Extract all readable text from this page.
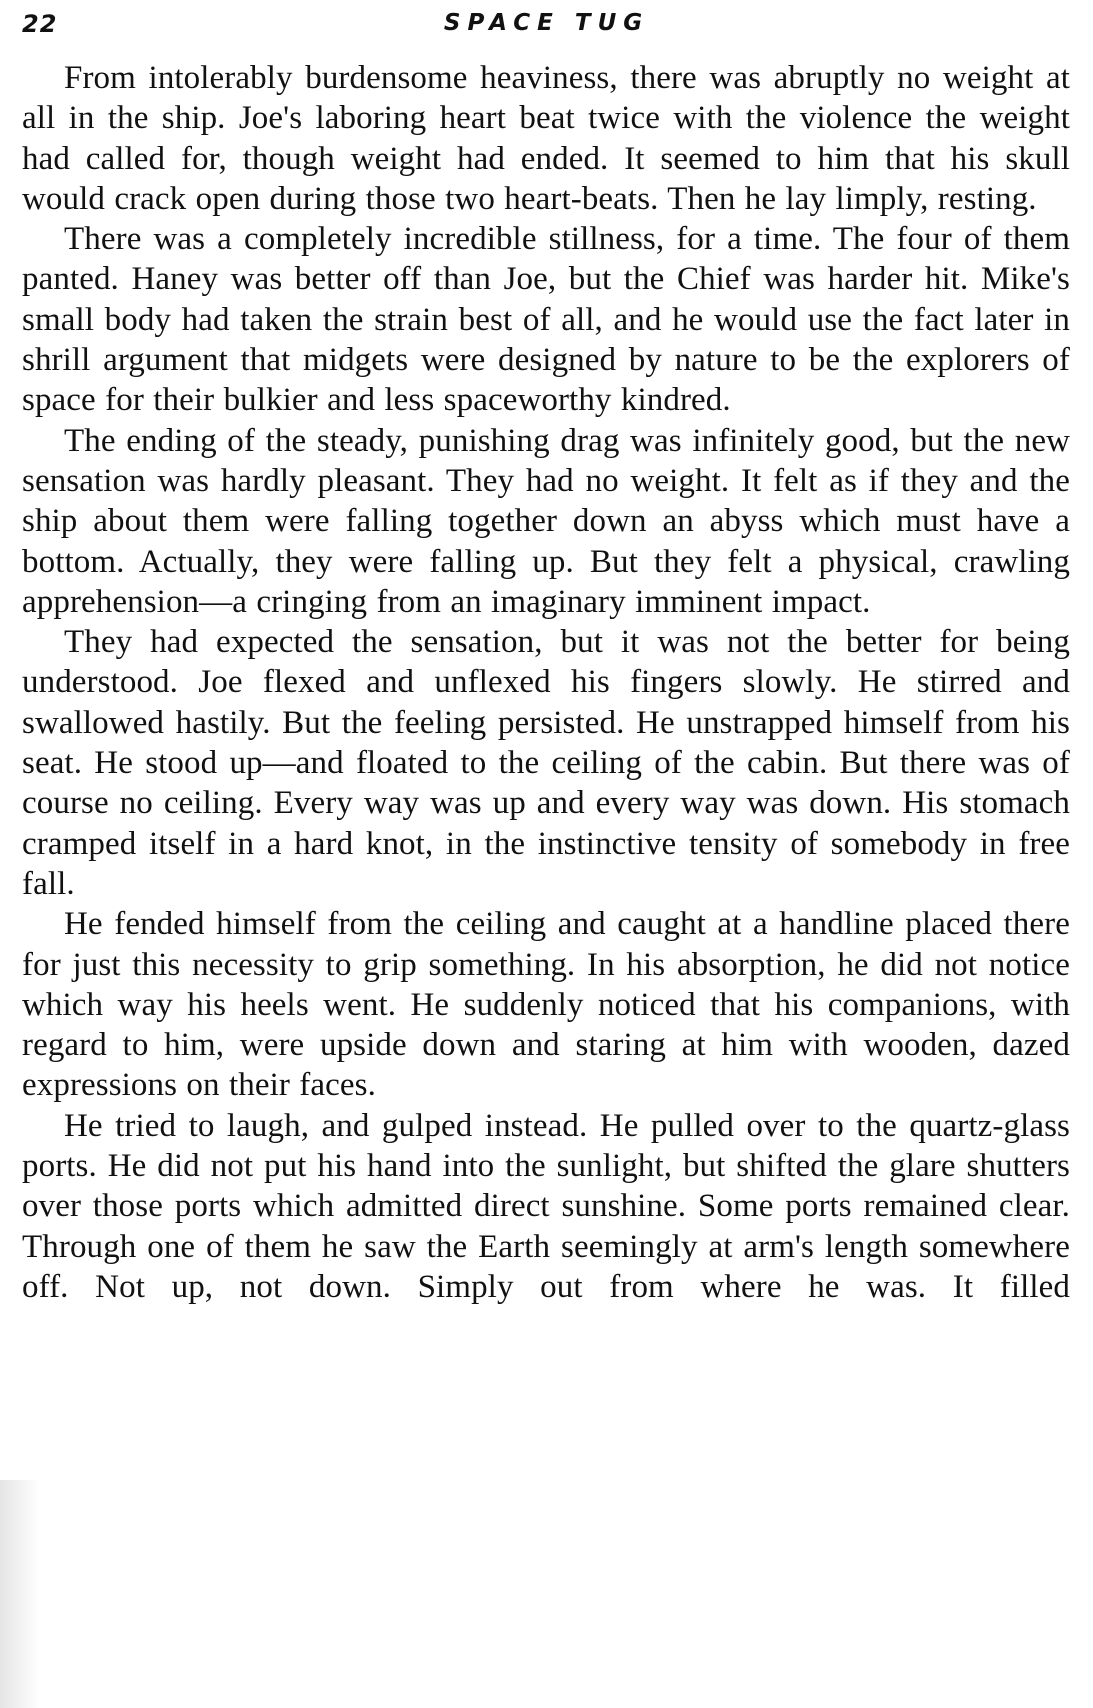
22	SPACE TUG

From intolerably burdensome heaviness, there was abruptly no weight at all in the ship. Joe's laboring heart beat twice with the violence the weight had called for, though weight had ended. It seemed to him that his skull would crack open during those two heart-beats. Then he lay limply, resting.

There was a completely incredible stillness, for a time. The four of them panted. Haney was better off than Joe, but the Chief was harder hit. Mike's small body had taken the strain best of all, and he would use the fact later in shrill argument that midgets were designed by nature to be the explorers of space for their bulkier and less spaceworthy kindred.

The ending of the steady, punishing drag was infinitely good, but the new sensation was hardly pleasant. They had no weight. It felt as if they and the ship about them were falling together down an abyss which must have a bottom. Actually, they were falling up. But they felt a physical, crawling apprehension—a cringing from an imaginary imminent impact.

They had expected the sensation, but it was not the better for being understood. Joe flexed and unflexed his fingers slowly. He stirred and swallowed hastily. But the feeling persisted. He unstrapped himself from his seat. He stood up—and floated to the ceiling of the cabin. But there was of course no ceiling. Every way was up and every way was down. His stomach cramped itself in a hard knot, in the instinctive tensity of somebody in free fall.

He fended himself from the ceiling and caught at a handline placed there for just this necessity to grip something. In his absorption, he did not notice which way his heels went. He suddenly noticed that his companions, with regard to him, were upside down and staring at him with wooden, dazed expressions on their faces.

He tried to laugh, and gulped instead. He pulled over to the quartz-glass ports. He did not put his hand into the sunlight, but shifted the glare shutters over those ports which admitted direct sunshine. Some ports remained clear. Through one of them he saw the Earth seemingly at arm's length somewhere off. Not up, not down. Simply out from where he was. It filled
